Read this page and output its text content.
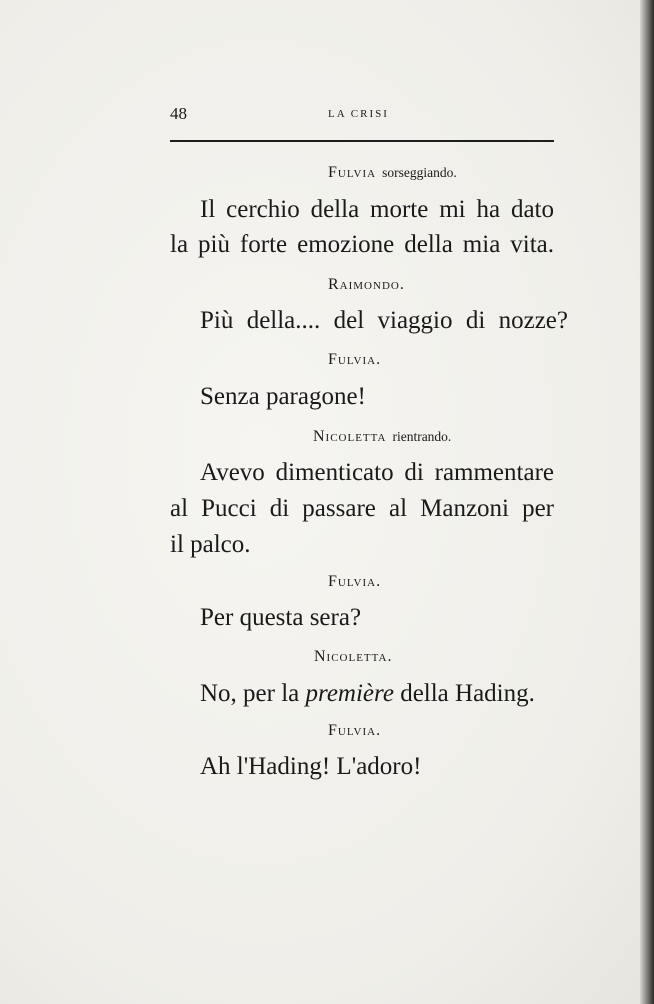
48	LA CRISI
Fulvia sorseggiando.
Il cerchio della morte mi ha dato
la più forte emozione della mia vita.
Raimondo.
Più della.... del viaggio di nozze?
Fulvia.
Senza paragone!
Nicoletta rientrando.
Avevo dimenticato di rammentare
al Pucci di passare al Manzoni per
il palco.
Fulvia.
Per questa sera?
Nicoletta.
No, per la première della Hading.
Fulvia.
Ah l'Hading! L'adoro!
